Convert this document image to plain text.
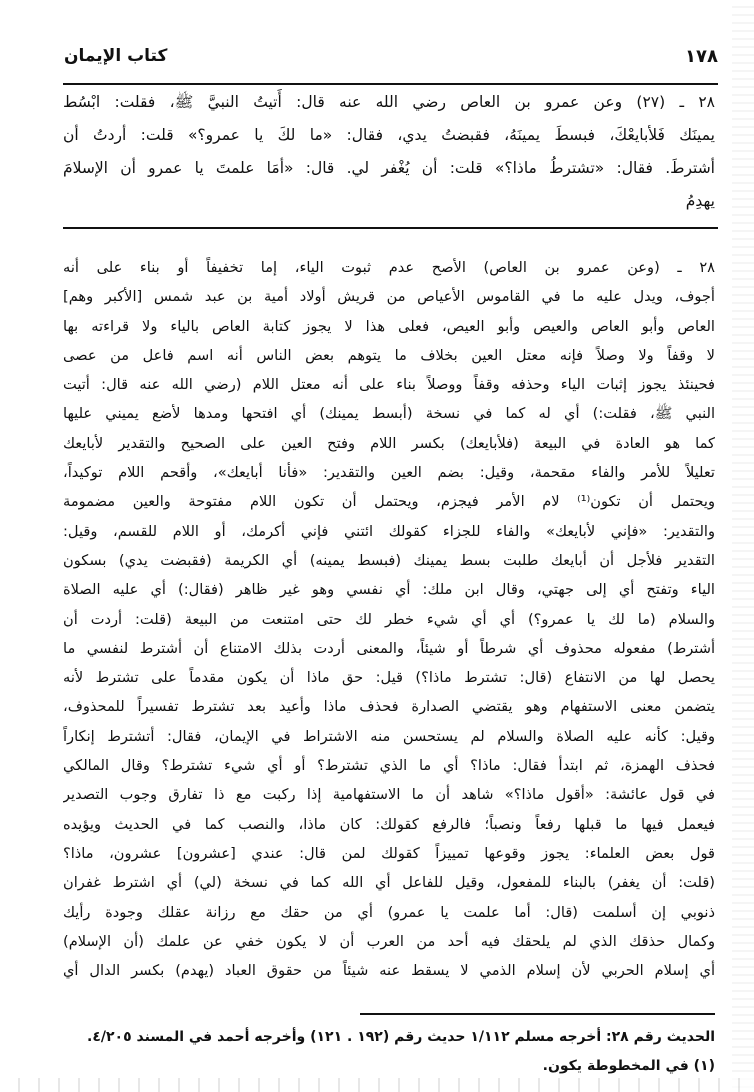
كتاب الإيمان	١٧٨
٢٨ ـ (٢٧) وعن عمرو بن العاص رضي الله عنه قال: أَتيتُ النبيَّ ﷺ، فقلت: ابْسُط
يمينَك فَلأبايعْكَ، فبسطَ يمينَهُ، فقبضتُ يدي، فقال: «ما لكَ يا عمرو؟» قلت: أردتُ أن
أشترطَ. فقال: «تشترطُ ماذا؟» قلت: أن يُغْفر لي. قال: «أمَا علمتَ يا عمرو أن الإسلامَ
يهدِمُ
٢٨ ـ (وعن عمرو بن العاص) الأصح عدم ثبوت الياء، إما تخفيفاً أو بناء على أنه
أجوف، ويدل عليه ما في القاموس الأعياص من قريش أولاد أمية بن عبد شمس [الأكبر وهم]
العاص وأبو العاص والعيص وأبو العيص، فعلى هذا لا يجوز كتابة العاص بالياء ولا قراءته بها
لا وقفاً ولا وصلاً فإنه معتل العين بخلاف ما يتوهم بعض الناس أنه اسم فاعل من عصى
فحينئذ يجوز إثبات الياء وحذفه وقفاً ووصلاً بناء على أنه معتل اللام (رضي الله عنه قال: أتيت
النبي ﷺ، فقلت:) أي له كما في نسخة (أبسط يمينك) أي افتحها ومدها لأضع يميني عليها
كما هو العادة في البيعة (فلأبايعك) بكسر اللام وفتح العين على الصحيح والتقدير لأبايعك
تعليلاً للأمر والفاء مقحمة، وقيل: بضم العين والتقدير: «فأنا أبايعك»، وأقحم اللام توكيداً،
ويحتمل أن تكون⁽¹⁾ لام الأمر فيجزم، ويحتمل أن تكون اللام مفتوحة والعين مضمومة
والتقدير: «فإني لأبايعك» والفاء للجزاء كقولك ائتني فإني أكرمك، أو اللام للقسم، وقيل:
التقدير فلأجل أن أبايعك طلبت بسط يمينك (فبسط يمينه) أي الكريمة (فقبضت يدي) بسكون
الياء وتفتح أي إلى جهتي، وقال ابن ملك: أي نفسي وهو غير ظاهر (فقال:) أي عليه الصلاة
والسلام (ما لك يا عمرو؟) أي أي شيء خطر لك حتى امتنعت من البيعة (قلت: أردت أن
أشترط) مفعوله محذوف أي شرطاً أو شيئاً، والمعنى أردت بذلك الامتناع أن أشترط لنفسي ما
يحصل لها من الانتفاع (قال: تشترط ماذا؟) قيل: حق ماذا أن يكون مقدماً على تشترط لأنه
يتضمن معنى الاستفهام وهو يقتضي الصدارة فحذف ماذا وأعيد بعد تشترط تفسيراً للمحذوف،
وقيل: كأنه عليه الصلاة والسلام لم يستحسن منه الاشتراط في الإيمان، فقال: أتشترط إنكاراً
فحذف الهمزة، ثم ابتدأ فقال: ماذا؟ أي ما الذي تشترط؟ أو أي شيء تشترط؟ وقال المالكي
في قول عائشة: «أقول ماذا؟» شاهد أن ما الاستفهامية إذا ركبت مع ذا تفارق وجوب التصدير
فيعمل فيها ما قبلها رفعاً ونصباً؛ فالرفع كقولك: كان ماذا، والنصب كما في الحديث ويؤيده
قول بعض العلماء: يجوز وقوعها تمييزاً كقولك لمن قال: عندي [عشرون] عشرون، ماذا؟
(قلت: أن يغفر) بالبناء للمفعول، وقيل للفاعل أي الله كما في نسخة (لي) أي اشترط غفران
ذنوبي إن أسلمت (قال: أما علمت يا عمرو) أي من حقك مع رزانة عقلك وجودة رأيك
وكمال حذقك الذي لم يلحقك فيه أحد من العرب أن لا يكون خفي عن علمك (أن الإسلام)
أي إسلام الحربي لأن إسلام الذمي لا يسقط عنه شيئاً من حقوق العباد (يهدم) بكسر الدال أي
الحديث رقم ٢٨: أخرجه مسلم ١/١١٢ حديث رقم (١٩٢ . ١٢١) وأخرجه أحمد في المسند ٤/٢٠٥.
(١) في المخطوطة يكون.
